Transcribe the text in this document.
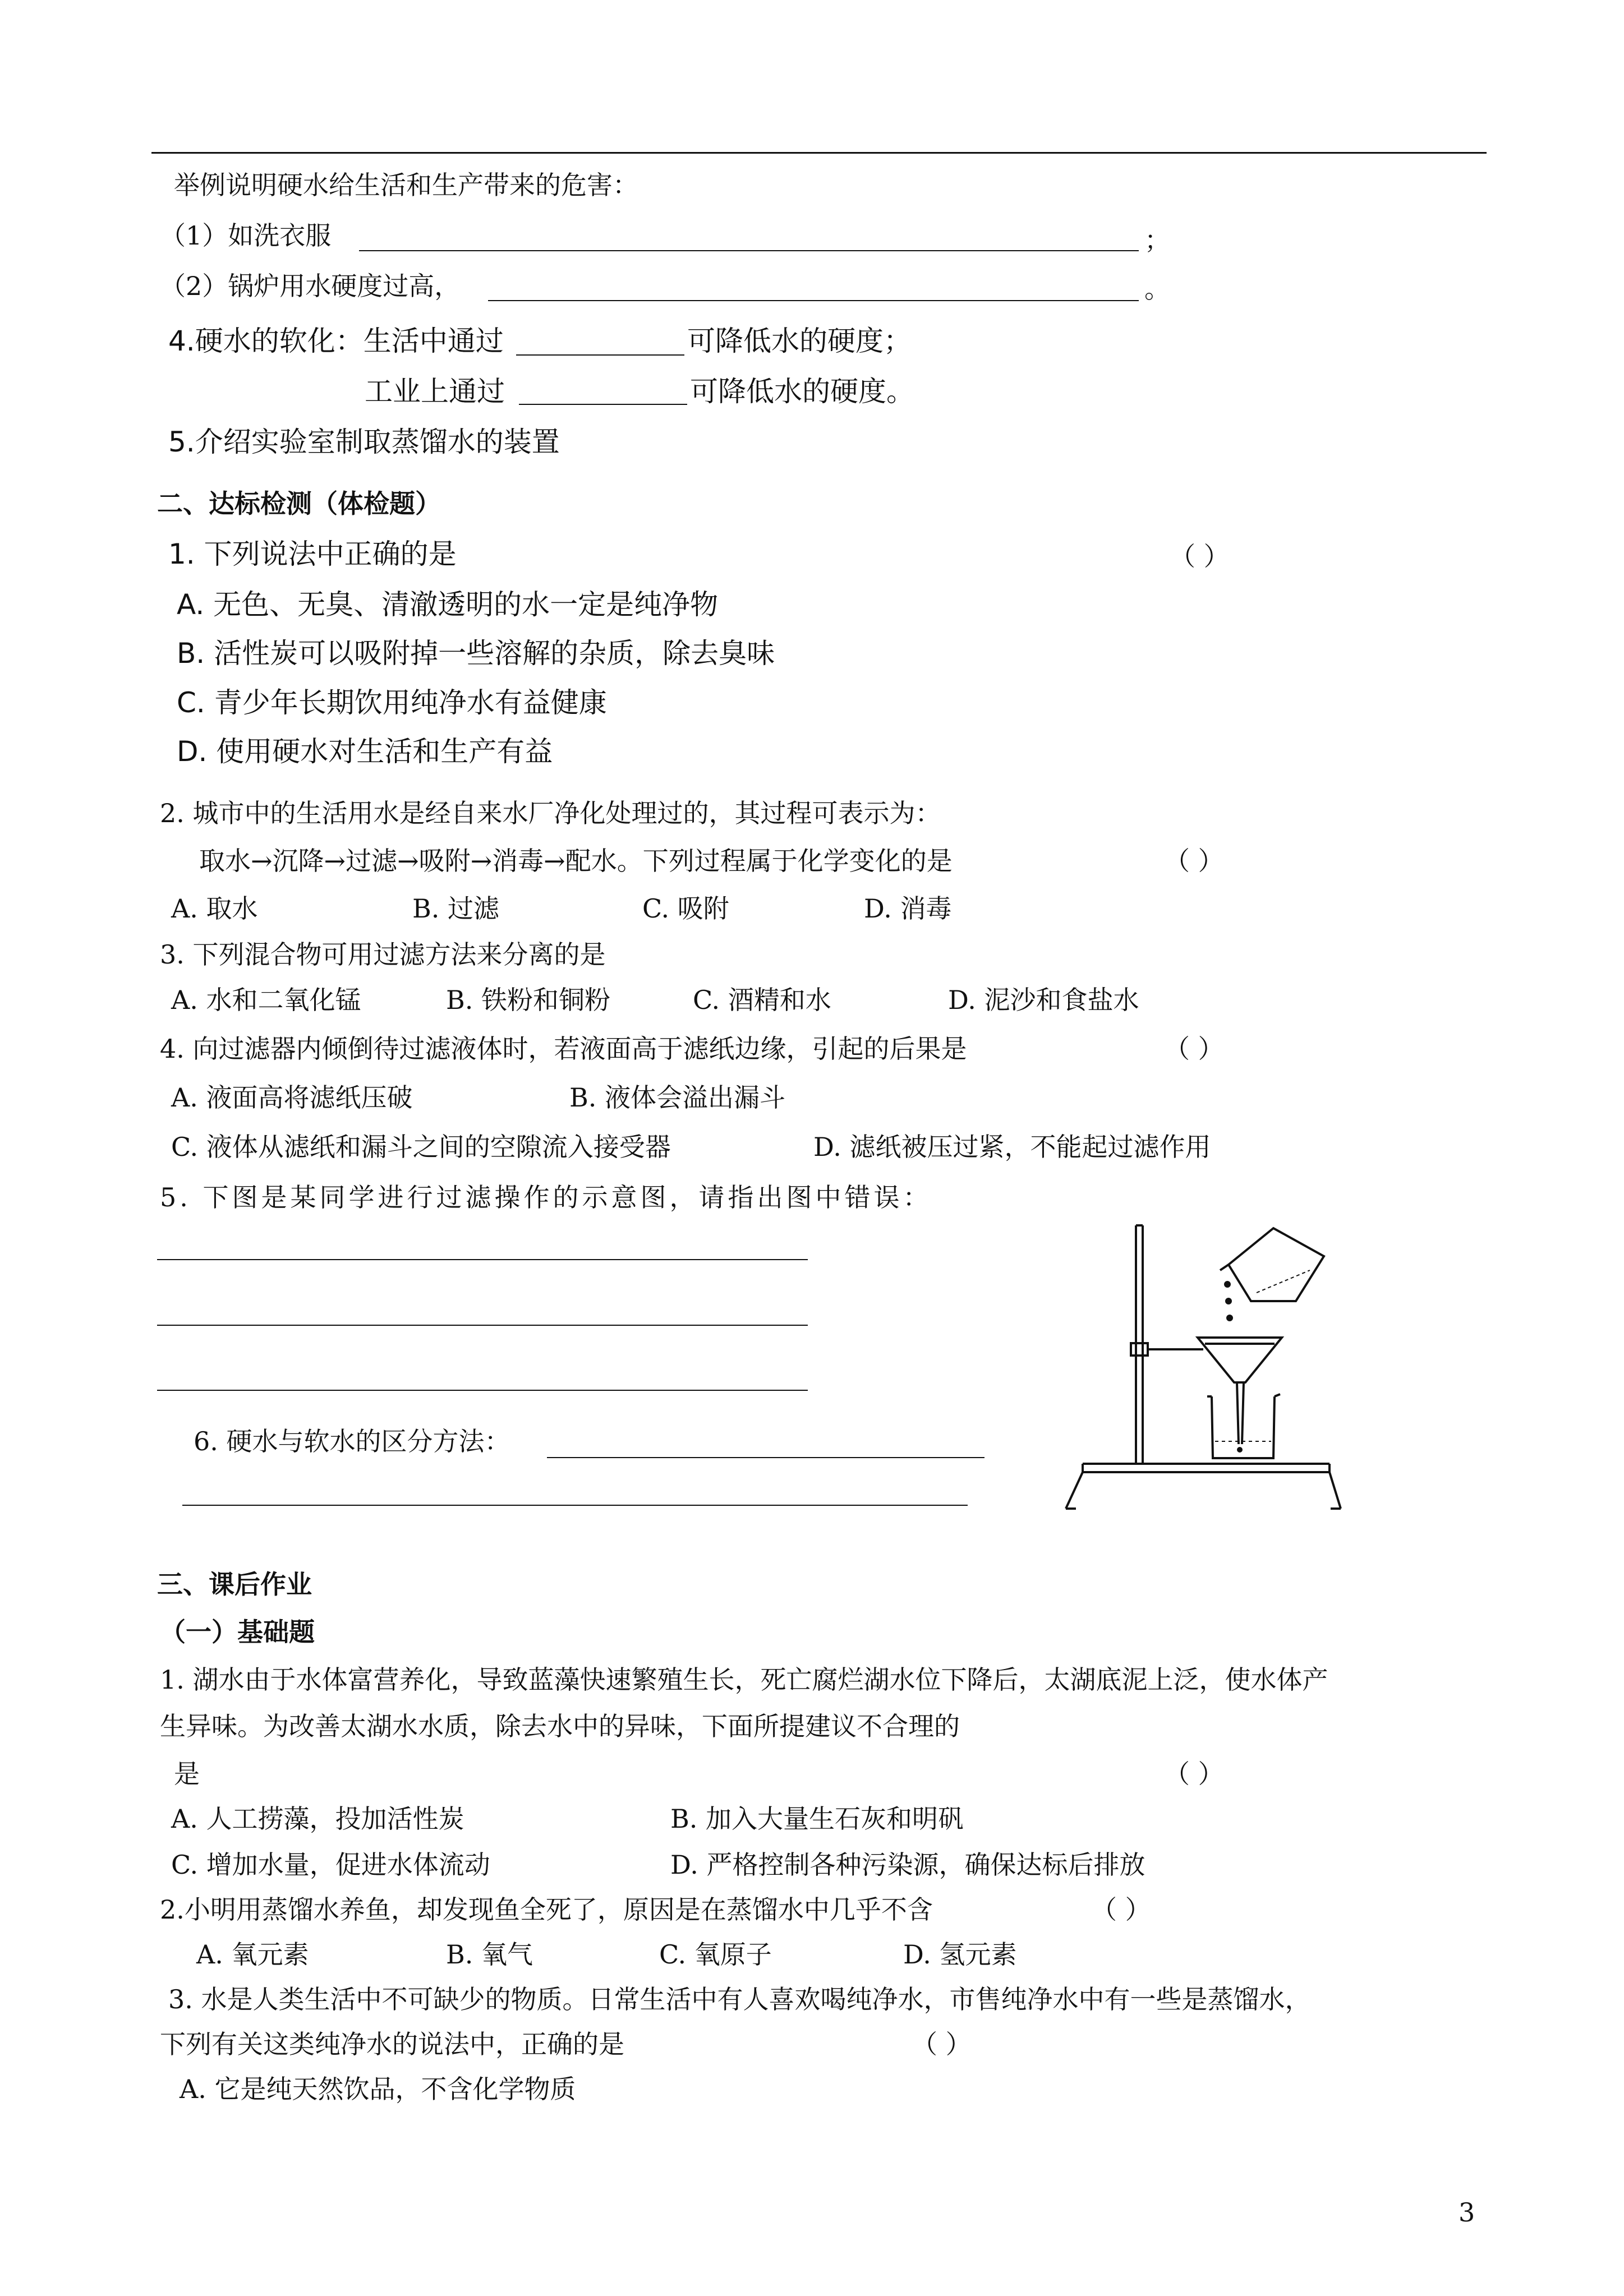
举例说明硬水给生活和生产带来的危害：
（1）如洗衣服	；
（2）锅炉用水硬度过高，	。
4.硬水的软化：生活中通过	可降低水的硬度；
工业上通过	可降低水的硬度。
5.介绍实验室制取蒸馏水的装置
二、达标检测（体检题）
1. 下列说法中正确的是	（ ）
A. 无色、无臭、清澈透明的水一定是纯净物
B. 活性炭可以吸附掉一些溶解的杂质，除去臭味
C. 青少年长期饮用纯净水有益健康
D. 使用硬水对生活和生产有益
2. 城市中的生活用水是经自来水厂净化处理过的，其过程可表示为：
取水→沉降→过滤→吸附→消毒→配水。下列过程属于化学变化的是	（ ）
A. 取水	B. 过滤	C. 吸附	D. 消毒
3. 下列混合物可用过滤方法来分离的是
A. 水和二氧化锰	B. 铁粉和铜粉	C. 酒精和水	D. 泥沙和食盐水
4. 向过滤器内倾倒待过滤液体时，若液面高于滤纸边缘，引起的后果是	（ ）
A. 液面高将滤纸压破	B. 液体会溢出漏斗
C. 液体从滤纸和漏斗之间的空隙流入接受器	D. 滤纸被压过紧，不能起过滤作用
5. 下图是某同学进行过滤操作的示意图，请指出图中错误：
6. 硬水与软水的区分方法：
三、课后作业
（一）基础题
1. 湖水由于水体富营养化，导致蓝藻快速繁殖生长，死亡腐烂湖水位下降后，太湖底泥上泛，使水体产
生异味。为改善太湖水水质，除去水中的异味，下面所提建议不合理的
是	（ ）
A. 人工捞藻，投加活性炭	B. 加入大量生石灰和明矾
C. 增加水量，促进水体流动	D. 严格控制各种污染源，确保达标后排放
2.小明用蒸馏水养鱼，却发现鱼全死了，原因是在蒸馏水中几乎不含	（ ）
A. 氧元素	B. 氧气	C. 氧原子	D. 氢元素
3. 水是人类生活中不可缺少的物质。日常生活中有人喜欢喝纯净水，市售纯净水中有一些是蒸馏水，
下列有关这类纯净水的说法中，正确的是	（ ）
A. 它是纯天然饮品，不含化学物质
3
